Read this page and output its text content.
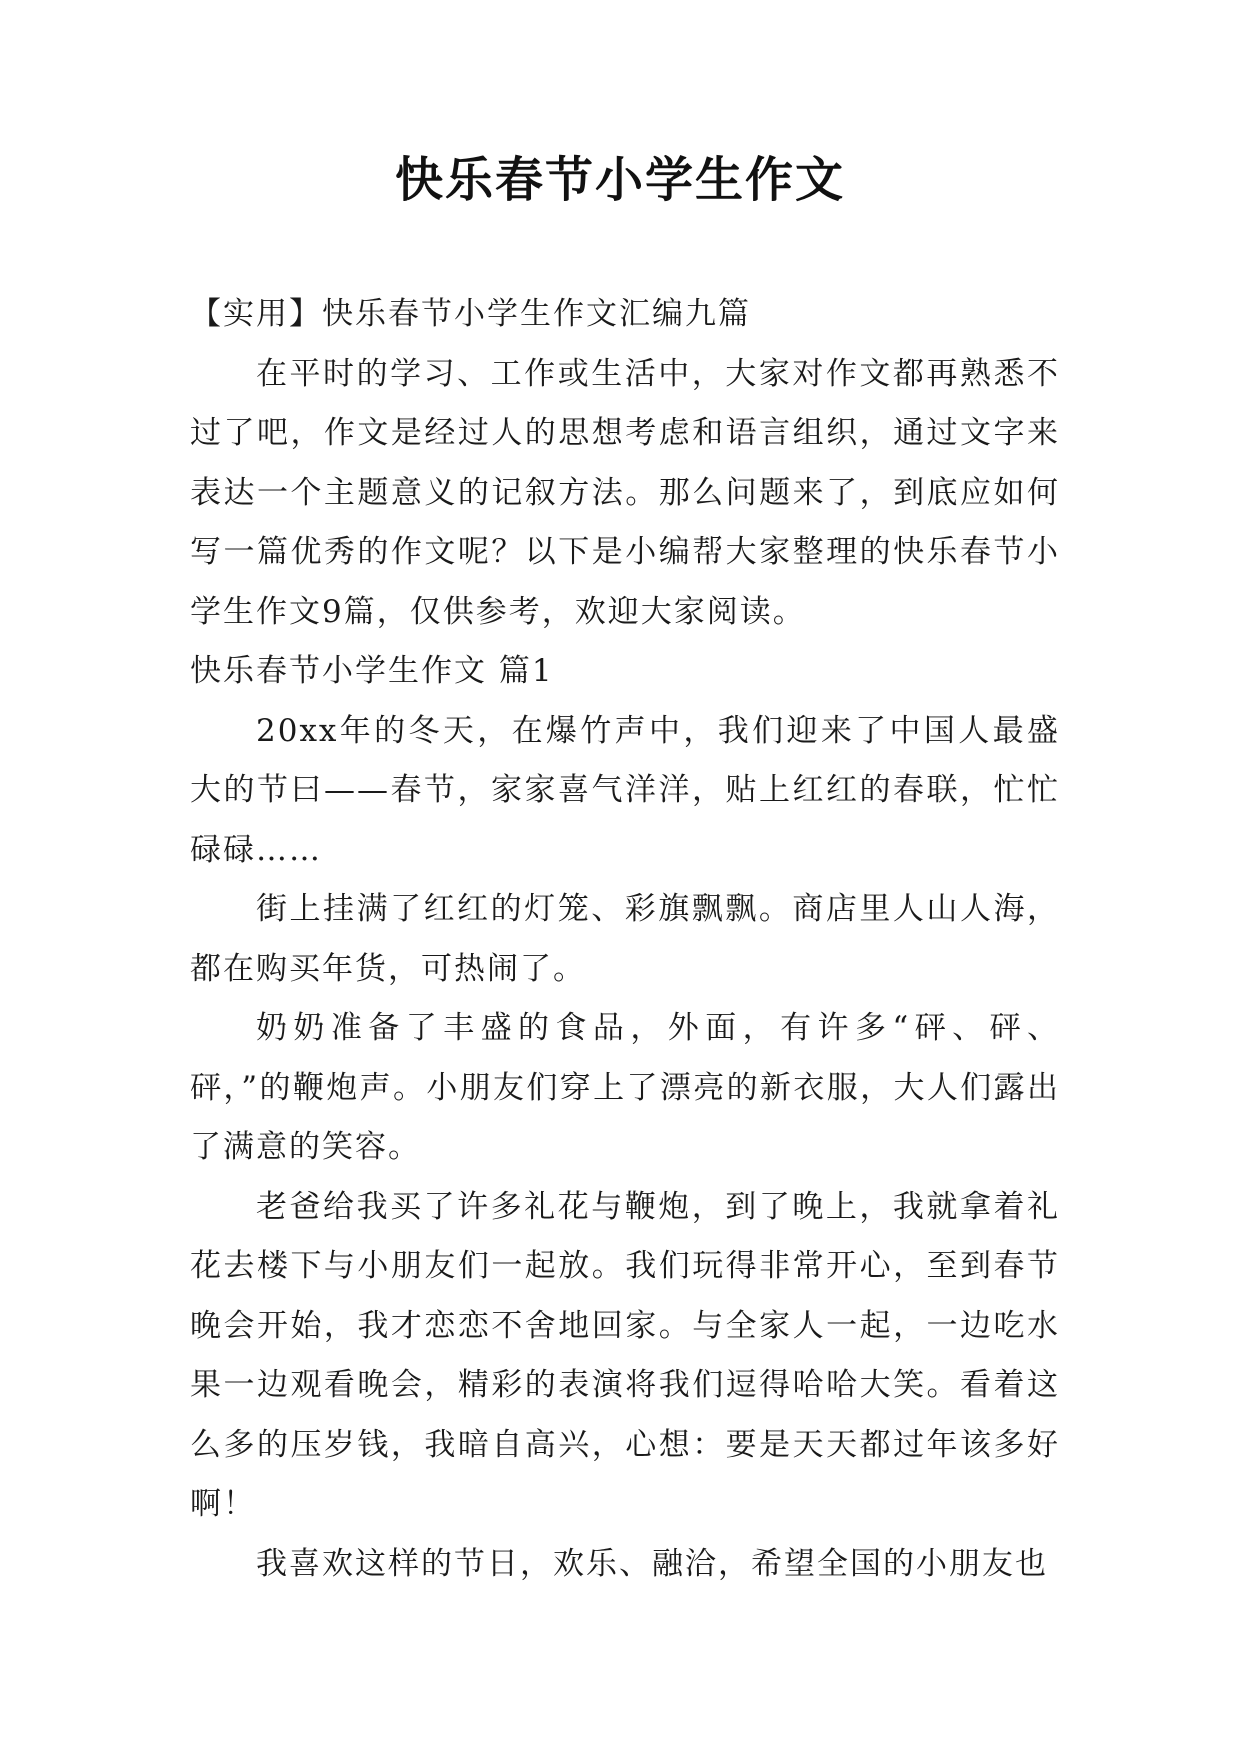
快乐春节小学生作文

【实用】快乐春节小学生作文汇编九篇

在平时的学习、工作或生活中，大家对作文都再熟悉不过了吧，作文是经过人的思想考虑和语言组织，通过文字来表达一个主题意义的记叙方法。那么问题来了，到底应如何写一篇优秀的作文呢？以下是小编帮大家整理的快乐春节小学生作文9篇，仅供参考，欢迎大家阅读。

快乐春节小学生作文 篇1

20xx年的冬天，在爆竹声中，我们迎来了中国人最盛大的节曰——春节，家家喜气洋洋，贴上红红的春联，忙忙碌碌……

街上挂满了红红的灯笼、彩旗飘飘。商店里人山人海，都在购买年货，可热闹了。

奶奶准备了丰盛的食品，外面，有许多“砰、砰、砰，”的鞭炮声。小朋友们穿上了漂亮的新衣服，大人们露出了满意的笑容。

老爸给我买了许多礼花与鞭炮，到了晚上，我就拿着礼花去楼下与小朋友们一起放。我们玩得非常开心，至到春节晚会开始，我才恋恋不舍地回家。与全家人一起，一边吃水果一边观看晚会，精彩的表演将我们逗得哈哈大笑。看着这么多的压岁钱，我暗自高兴，心想：要是天天都过年该多好啊！

我喜欢这样的节日，欢乐、融洽，希望全国的小朋友也
